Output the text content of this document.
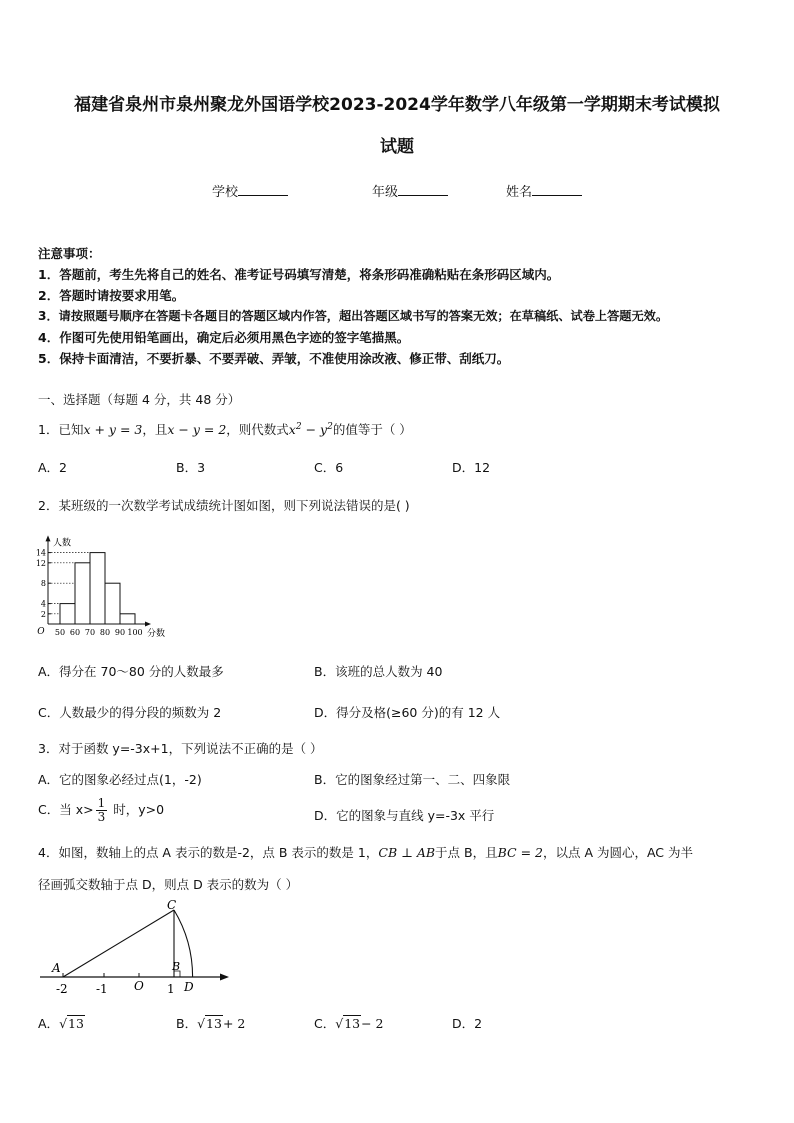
福建省泉州市泉州聚龙外国语学校2023-2024学年数学八年级第一学期期末考试模拟
试题
学校	年级	姓名
注意事项：
1．答题前，考生先将自己的姓名、准考证号码填写清楚，将条形码准确粘贴在条形码区域内。
2．答题时请按要求用笔。
3．请按照题号顺序在答题卡各题目的答题区域内作答，超出答题区域书写的答案无效；在草稿纸、试卷上答题无效。
4．作图可先使用铅笔画出，确定后必须用黑色字迹的签字笔描黑。
5．保持卡面清洁，不要折暴、不要弄破、弄皱，不准使用涂改液、修正带、刮纸刀。
一、选择题（每题 4 分，共 48 分）
1．已知x + y = 3，且x − y = 2，则代数式$x^2 - y^2$的值等于（ ）
A．2	B．3	C．6	D．12
2．某班级的一次数学考试成绩统计图如图，则下列说法错误的是( )
2
4
8
12
14
50 60 70 80 90 100
O
人数
分数
A．得分在 70～80 分的人数最多	B．该班的总人数为 40
C．人数最少的得分段的频数为 2	D．得分及格(≥60 分)的有 12 人
3．对于函数 y=-3x+1，下列说法不正确的是（ ）
A．它的图象必经过点(1，-2)	B．它的图象经过第一、二、四象限
C．当 $x> \frac{1}{3}$ 时，y>0	D．它的图象与直线 y=-3x 平行
4．如图，数轴上的点 A 表示的数是-2，点 B 表示的数是 1，CB ⊥ AB于点 B，且BC = 2，以点 A 为圆心，AC 为半
径画弧交数轴于点 D，则点 D 表示的数为（ ）
A	B
C
D
O
-2 -1	1
A．√13	B．√13+ 2	C．√13− 2	D．2
